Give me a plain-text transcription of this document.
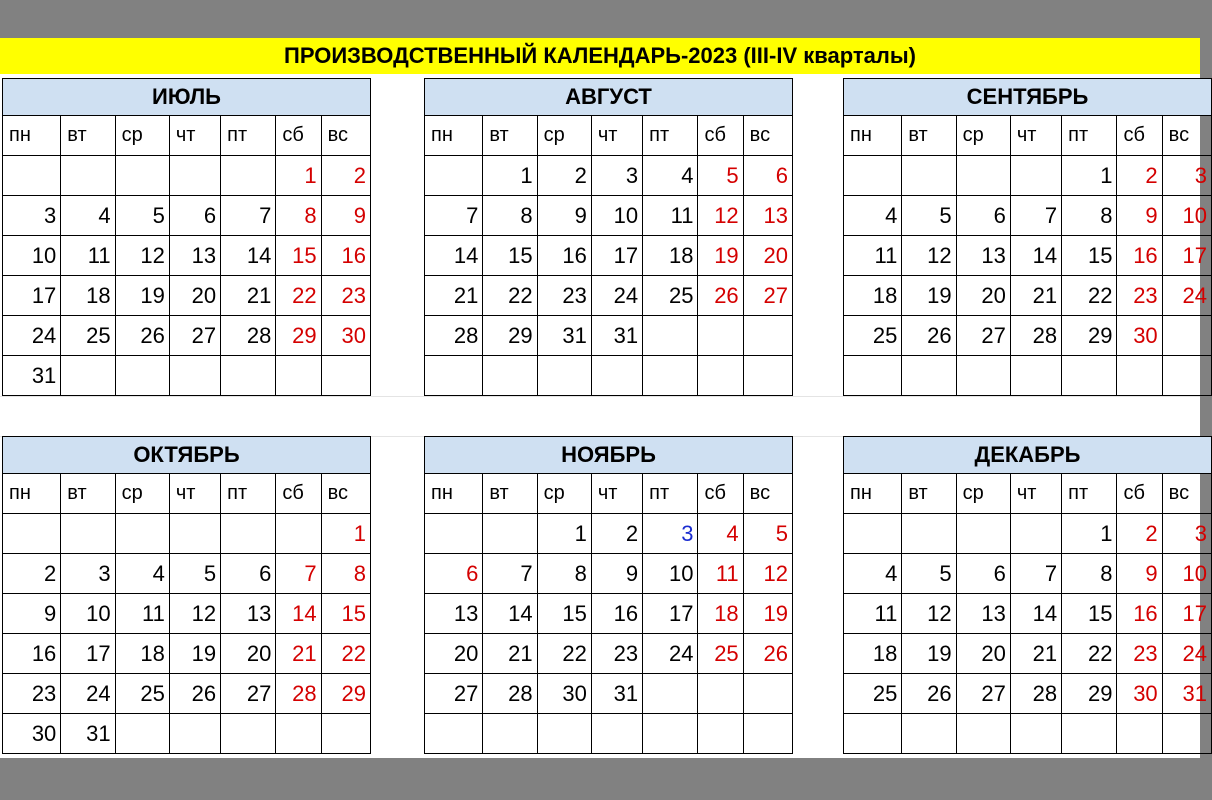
ПРОИЗВОДСТВЕННЫЙ КАЛЕНДАРЬ-2023 (III-IV кварталы)
ИЮЛЬ						
пн	вт	ср	чт	пт	сб	вс
					1	2
3	4	5	6	7	8	9
10	11	12	13	14	15	16
17	18	19	20	21	22	23
24	25	26	27	28	29	30
31						
АВГУСТ						
пн	вт	ср	чт	пт	сб	вс
	1	2	3	4	5	6
7	8	9	10	11	12	13
14	15	16	17	18	19	20
21	22	23	24	25	26	27
28	29	31	31			

СЕНТЯБРЬ						
пн	вт	ср	чт	пт	сб	вс
				1	2	3
4	5	6	7	8	9	10
11	12	13	14	15	16	17
18	19	20	21	22	23	24
25	26	27	28	29	30	

ОКТЯБРЬ						
пн	вт	ср	чт	пт	сб	вс
						1
2	3	4	5	6	7	8
9	10	11	12	13	14	15
16	17	18	19	20	21	22
23	24	25	26	27	28	29
30	31					
НОЯБРЬ						
пн	вт	ср	чт	пт	сб	вс
		1	2	3	4	5
6	7	8	9	10	11	12
13	14	15	16	17	18	19
20	21	22	23	24	25	26
27	28	30	31			

ДЕКАБРЬ						
пн	вт	ср	чт	пт	сб	вс
				1	2	3
4	5	6	7	8	9	10
11	12	13	14	15	16	17
18	19	20	21	22	23	24
25	26	27	28	29	30	31
